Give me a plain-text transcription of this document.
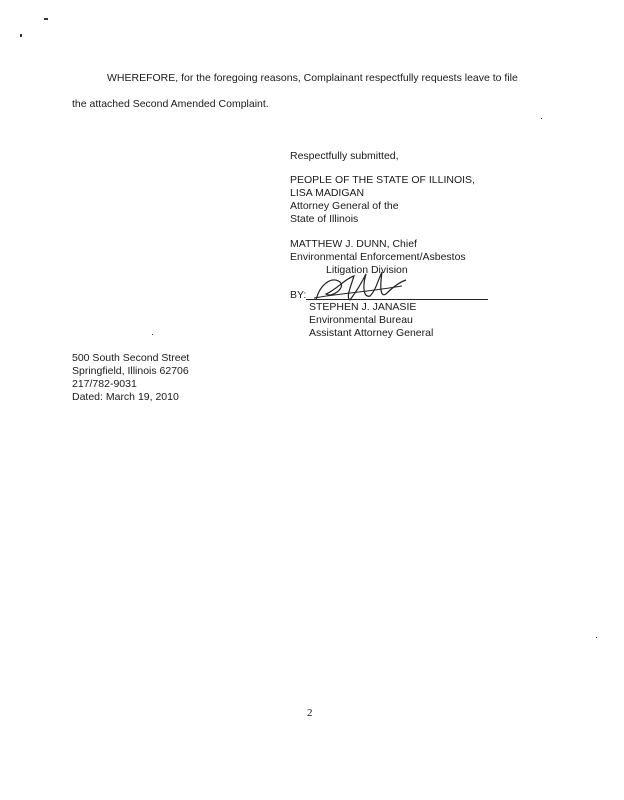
WHEREFORE, for the foregoing reasons, Complainant respectfully requests leave to file
the attached Second Amended Complaint.
Respectfully submitted,
PEOPLE OF THE STATE OF ILLINOIS,
LISA MADIGAN
Attorney General of the
State of Illinois
MATTHEW J. DUNN, Chief
Environmental Enforcement/Asbestos
Litigation Division
BY:
STEPHEN J. JANASIE
Environmental Bureau
Assistant Attorney General
500 South Second Street
Springfield, Illinois 62706
217/782-9031
Dated: March 19, 2010
2
